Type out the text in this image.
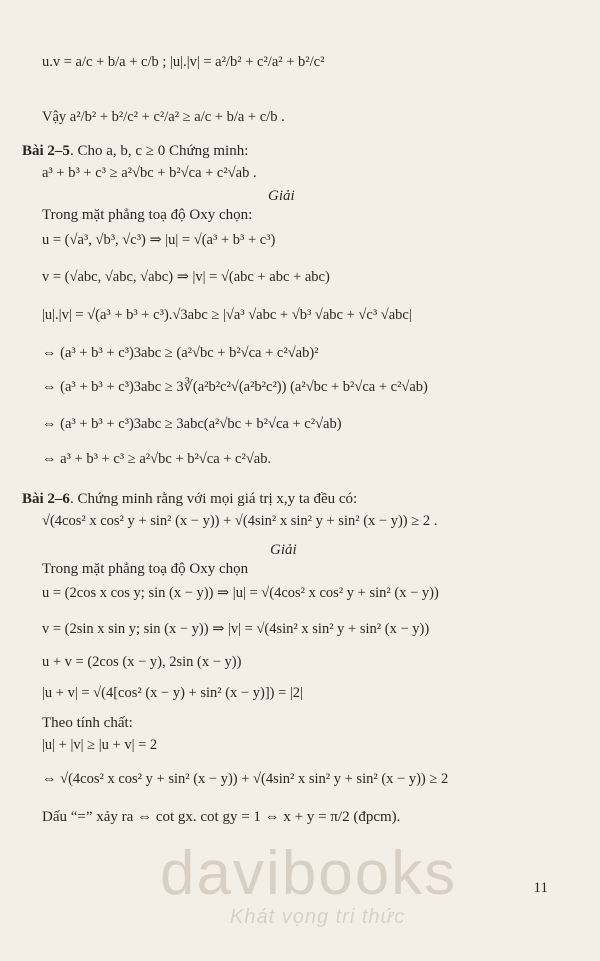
u.v = a/c + b/a + c/b ; |u|.|v| = a²/b² + c²/a² + b²/c²
Vậy a²/b² + b²/c² + c²/a² ≥ a/c + b/a + c/b .
Bài 2–5. Cho a, b, c ≥ 0 Chứng minh:
a³ + b³ + c³ ≥ a²√bc + b²√ca + c²√ab .
Giải
Trong mặt phẳng toạ độ Oxy chọn:
u = (√a³, √b³, √c³) ⇒ |u| = √(a³ + b³ + c³)
v = (√abc, √abc, √abc) ⇒ |v| = √(abc + abc + abc)
|u|.|v| = √(a³ + b³ + c³).√3abc ≥ |√a³ √abc + √b³ √abc + √c³ √abc|
⇔ (a³ + b³ + c³)3abc ≥ (a²√bc + b²√ca + c²√ab)²
⇔ (a³ + b³ + c³)3abc ≥ 3∛(a²b²c²√(a²b²c²)) (a²√bc + b²√ca + c²√ab)
⇔ (a³ + b³ + c³)3abc ≥ 3abc(a²√bc + b²√ca + c²√ab)
⇔ a³ + b³ + c³ ≥ a²√bc + b²√ca + c²√ab.
Bài 2–6. Chứng minh rằng với mọi giá trị x,y ta đều có:
√(4cos² x cos² y + sin² (x − y)) + √(4sin² x sin² y + sin² (x − y)) ≥ 2 .
Giải
Trong mặt phẳng toạ độ Oxy chọn
u = (2cos x cos y; sin (x − y)) ⇒ |u| = √(4cos² x cos² y + sin² (x − y))
v = (2sin x sin y; sin (x − y)) ⇒ |v| = √(4sin² x sin² y + sin² (x − y))
u + v = (2cos (x − y), 2sin (x − y))
|u + v| = √(4[cos² (x − y) + sin² (x − y)]) = |2|
Theo tính chất:
|u| + |v| ≥ |u + v| = 2
⇔ √(4cos² x cos² y + sin² (x − y)) + √(4sin² x sin² y + sin² (x − y)) ≥ 2
Dấu “=” xảy ra ⇔ cot gx. cot gy = 1 ⇔ x + y = π/2 (đpcm).
davibooks
Khát vọng tri thức
11
